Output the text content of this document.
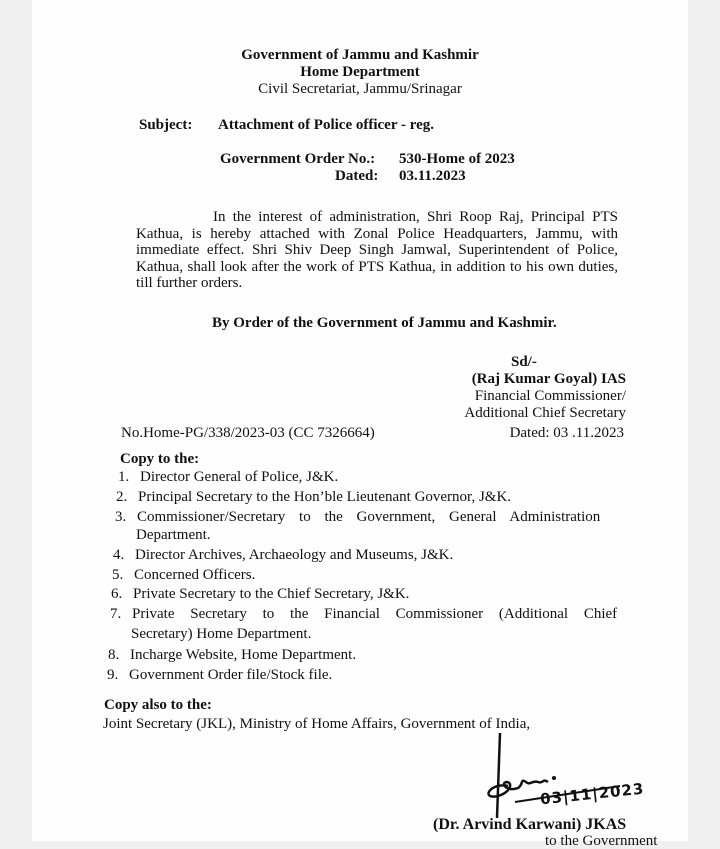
Government of Jammu and Kashmir
Home Department
Civil Secretariat, Jammu/Srinagar
Subject: Attachment of Police officer - reg.
Government Order No.: 530-Home of 2023
Dated: 03.11.2023
In the interest of administration, Shri Roop Raj, Principal PTS Kathua, is hereby attached with Zonal Police Headquarters, Jammu, with immediate effect. Shri Shiv Deep Singh Jamwal, Superintendent of Police, Kathua, shall look after the work of PTS Kathua, in addition to his own duties, till further orders.
By Order of the Government of Jammu and Kashmir.
Sd/-
(Raj Kumar Goyal) IAS
Financial Commissioner/
Additional Chief Secretary
Dated: 03 .11.2023
No.Home-PG/338/2023-03 (CC 7326664)
Copy to the:
1. Director General of Police, J&K.
2. Principal Secretary to the Hon’ble Lieutenant Governor, J&K.
3. Commissioner/Secretary to the Government, General Administration
Department.
4. Director Archives, Archaeology and Museums, J&K.
5. Concerned Officers.
6. Private Secretary to the Chief Secretary, J&K.
7. Private Secretary to the Financial Commissioner (Additional Chief
Secretary) Home Department.
8. Incharge Website, Home Department.
9. Government Order file/Stock file.
Copy also to the:
Joint Secretary (JKL), Ministry of Home Affairs, Government of India,
03|11|2023
(Dr. Arvind Karwani) JKAS
to the Government
